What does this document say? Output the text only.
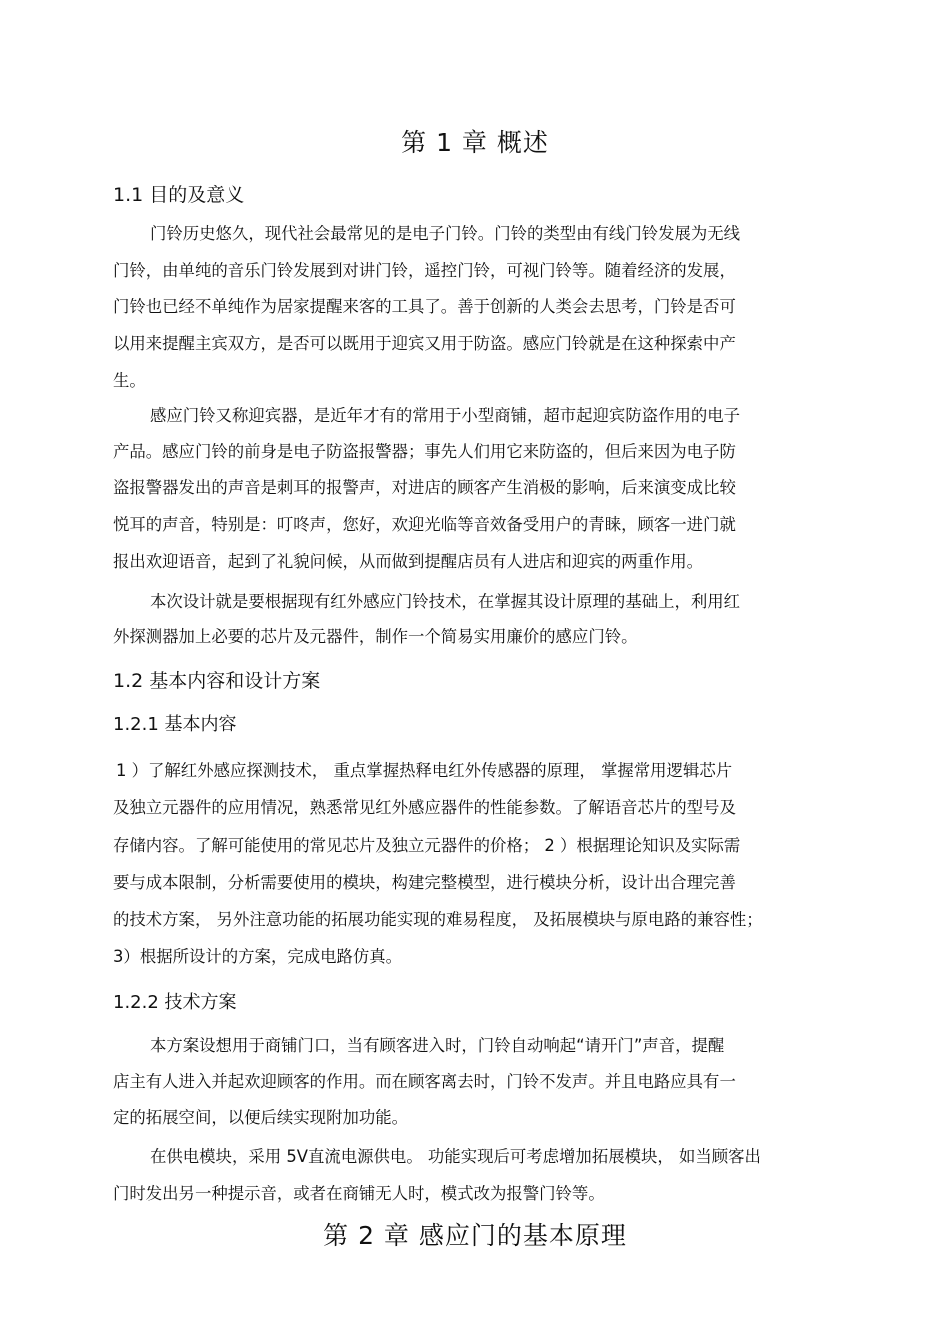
第 1 章 概述
1.1 目的及意义
门铃历史悠久，现代社会最常见的是电子门铃。门铃的类型由有线门铃发展为无线
门铃，由单纯的音乐门铃发展到对讲门铃，遥控门铃，可视门铃等。随着经济的发展，
门铃也已经不单纯作为居家提醒来客的工具了。善于创新的人类会去思考，门铃是否可
以用来提醒主宾双方，是否可以既用于迎宾又用于防盗。感应门铃就是在这种探索中产
生。
感应门铃又称迎宾器，是近年才有的常用于小型商铺，超市起迎宾防盗作用的电子
产品。感应门铃的前身是电子防盗报警器；事先人们用它来防盗的，但后来因为电子防
盗报警器发出的声音是刺耳的报警声，对进店的顾客产生消极的影响，后来演变成比较
悦耳的声音，特别是：叮咚声，您好，欢迎光临等音效备受用户的青睐，顾客一进门就
报出欢迎语音，起到了礼貌问候，从而做到提醒店员有人进店和迎宾的两重作用。
本次设计就是要根据现有红外感应门铃技术，在掌握其设计原理的基础上，利用红
外探测器加上必要的芯片及元器件，制作一个简易实用廉价的感应门铃。
1.2 基本内容和设计方案
1.2.1 基本内容
1 ）了解红外感应探测技术， 重点掌握热释电红外传感器的原理， 掌握常用逻辑芯片
及独立元器件的应用情况，熟悉常见红外感应器件的性能参数。了解语音芯片的型号及
存储内容。了解可能使用的常见芯片及独立元器件的价格； 2 ）根据理论知识及实际需
要与成本限制，分析需要使用的模块，构建完整模型，进行模块分析，设计出合理完善
的技术方案， 另外注意功能的拓展功能实现的难易程度， 及拓展模块与原电路的兼容性；
3）根据所设计的方案，完成电路仿真。
1.2.2 技术方案
本方案设想用于商铺门口，当有顾客进入时，门铃自动响起“请开门”声音，提醒
店主有人进入并起欢迎顾客的作用。而在顾客离去时，门铃不发声。并且电路应具有一
定的拓展空间，以便后续实现附加功能。
在供电模块，采用 5V直流电源供电。 功能实现后可考虑增加拓展模块， 如当顾客出
门时发出另一种提示音，或者在商铺无人时，模式改为报警门铃等。
第 2 章 感应门的基本原理
